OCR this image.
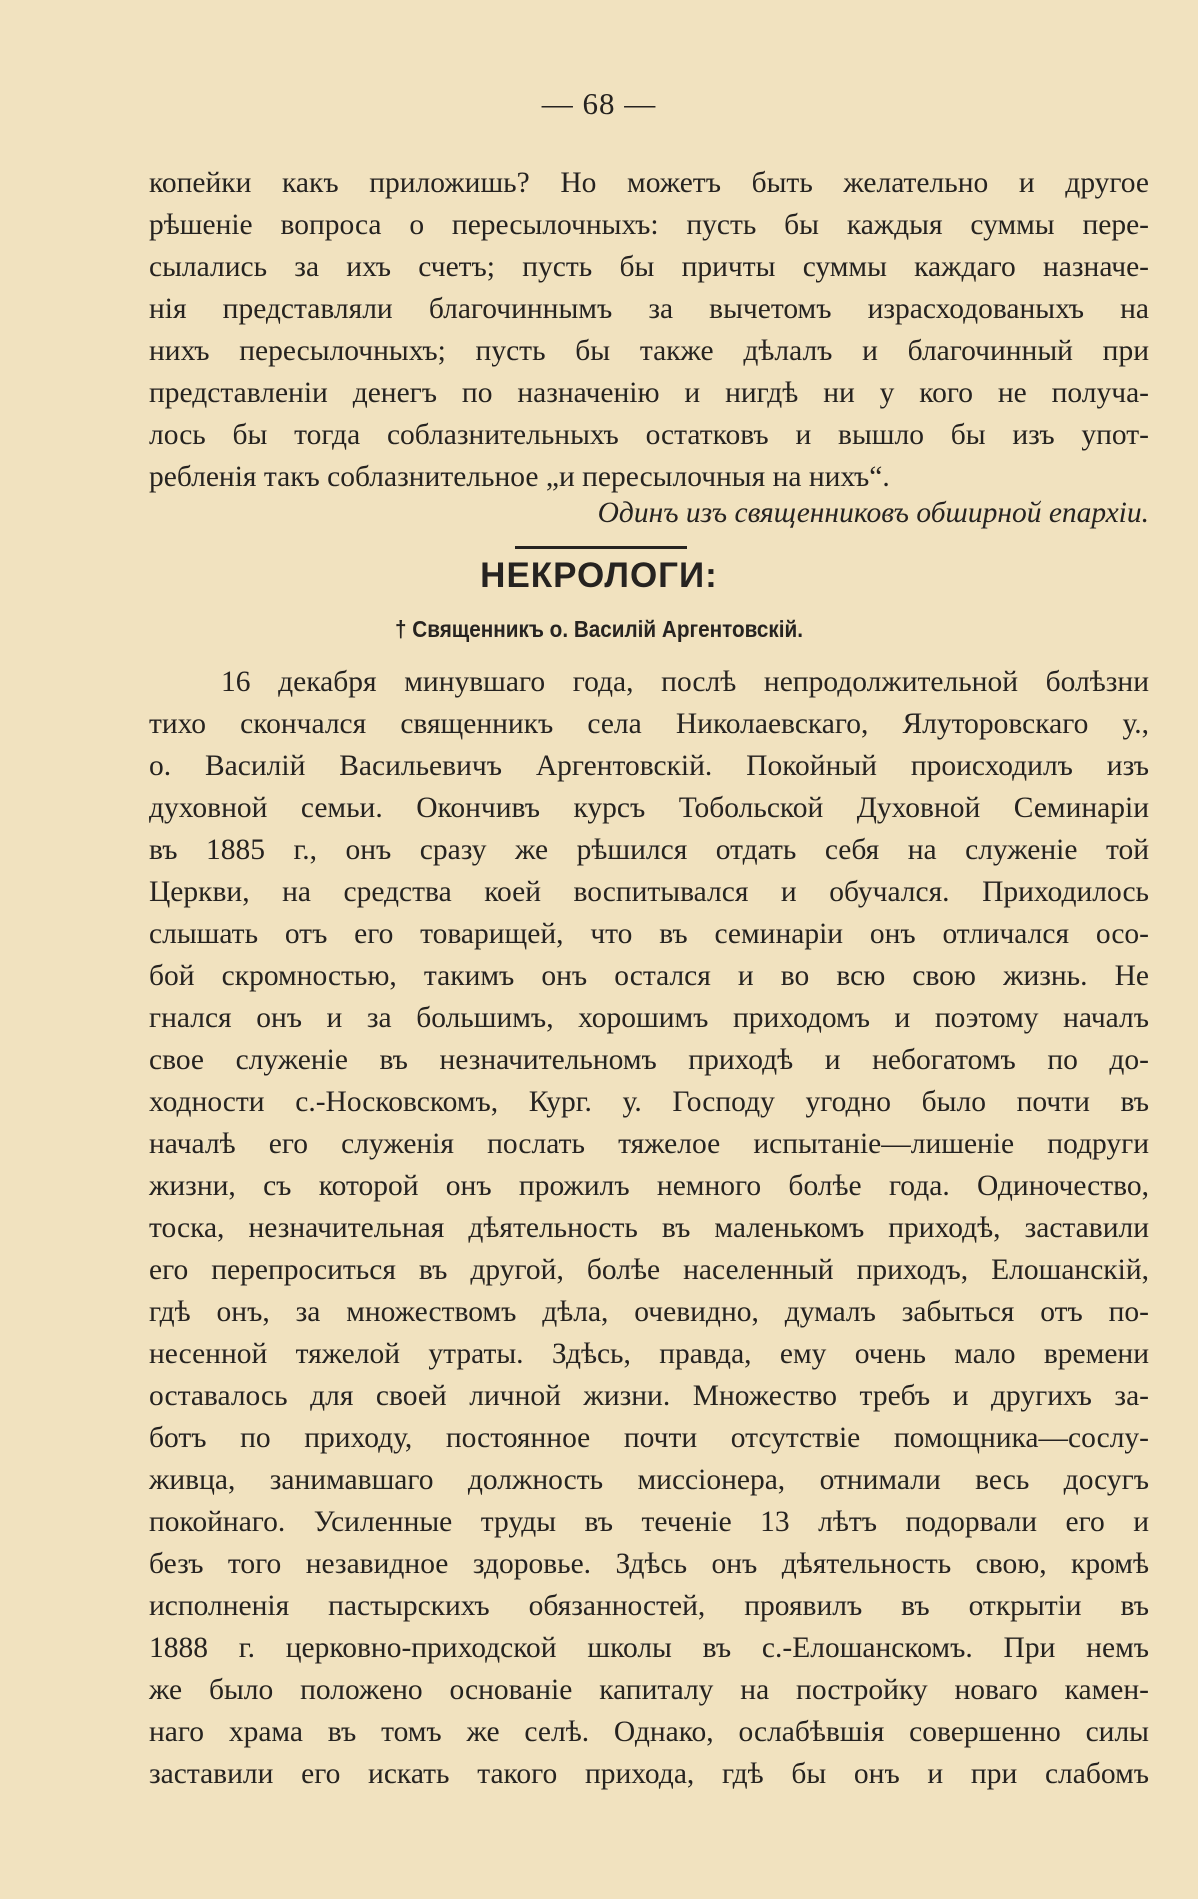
— 68 —
копейки какъ приложишь? Но можетъ быть желательно и другое
рѣшеніе вопроса о пересылочныхъ: пусть бы каждыя суммы пере-
сылались за ихъ счетъ; пусть бы причты суммы каждаго назначе-
нія представляли благочиннымъ за вычетомъ израсходованыхъ на
нихъ пересылочныхъ; пусть бы также дѣлалъ и благочинный при
представленіи денегъ по назначенію и нигдѣ ни у кого не получа-
лось бы тогда соблазнительныхъ остатковъ и вышло бы изъ упот-
ребленія такъ соблазнительное „и пересылочныя на нихъ“.
Одинъ изъ священниковъ обширной епархіи.
НЕКРОЛОГИ:
† Священникъ о. Василій Аргентовскій.
16 декабря минувшаго года, послѣ непродолжительной болѣзни
тихо скончался священникъ села Николаевскаго, Ялуторовскаго у.,
о. Василій Васильевичъ Аргентовскій. Покойный происходилъ изъ
духовной семьи. Окончивъ курсъ Тобольской Духовной Семинаріи
въ 1885 г., онъ сразу же рѣшился отдать себя на служеніе той
Церкви, на средства коей воспитывался и обучался. Приходилось
слышать отъ его товарищей, что въ семинаріи онъ отличался осо-
бой скромностью, такимъ онъ остался и во всю свою жизнь. Не
гнался онъ и за большимъ, хорошимъ приходомъ и поэтому началъ
свое служеніе въ незначительномъ приходѣ и небогатомъ по до-
ходности с.-Носковскомъ, Кург. у. Господу угодно было почти въ
началѣ его служенія послать тяжелое испытаніе—лишеніе подруги
жизни, съ которой онъ прожилъ немного болѣе года. Одиночество,
тоска, незначительная дѣятельность въ маленькомъ приходѣ, заставили
его перепроситься въ другой, болѣе населенный приходъ, Елошанскій,
гдѣ онъ, за множествомъ дѣла, очевидно, думалъ забыться отъ по-
несенной тяжелой утраты. Здѣсь, правда, ему очень мало времени
оставалось для своей личной жизни. Множество требъ и другихъ за-
ботъ по приходу, постоянное почти отсутствіе помощника—сослу-
живца, занимавшаго должность миссіонера, отнимали весь досугъ
покойнаго. Усиленные труды въ теченіе 13 лѣтъ подорвали его и
безъ того незавидное здоровье. Здѣсь онъ дѣятельность свою, кромѣ
исполненія пастырскихъ обязанностей, проявилъ въ открытіи въ
1888 г. церковно-приходской школы въ с.-Елошанскомъ. При немъ
же было положено основаніе капиталу на постройку новаго камен-
наго храма въ томъ же селѣ. Однако, ослабѣвшія совершенно силы
заставили его искать такого прихода, гдѣ бы онъ и при слабомъ
